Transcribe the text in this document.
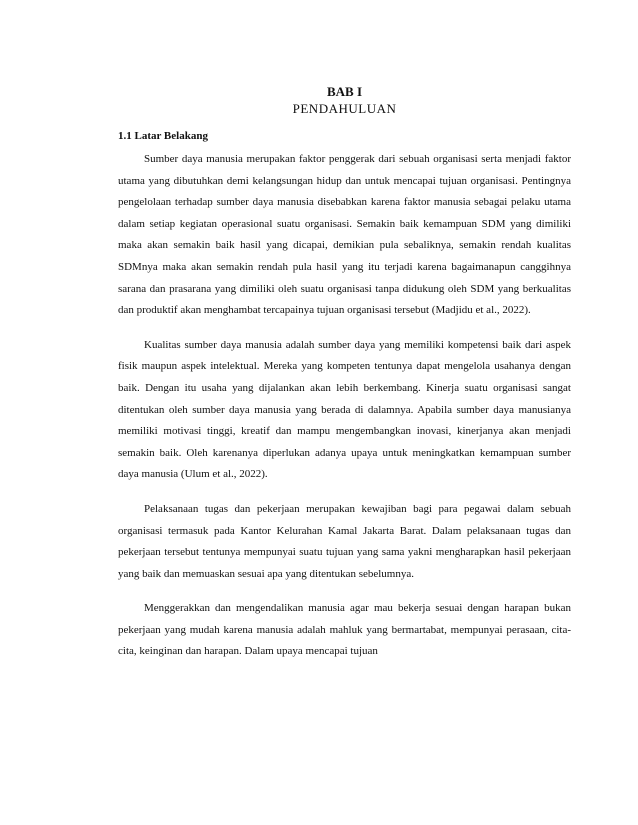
BAB I

PENDAHULUAN

1.1 Latar Belakang

Sumber daya manusia merupakan faktor penggerak dari sebuah organisasi serta menjadi faktor utama yang dibutuhkan demi kelangsungan hidup dan untuk mencapai tujuan organisasi. Pentingnya pengelolaan terhadap sumber daya manusia disebabkan karena faktor manusia sebagai pelaku utama dalam setiap kegiatan operasional suatu organisasi. Semakin baik kemampuan SDM yang dimiliki maka akan semakin baik hasil yang dicapai, demikian pula sebaliknya, semakin rendah kualitas SDMnya maka akan semakin rendah pula hasil yang itu terjadi karena bagaimanapun canggihnya sarana dan prasarana yang dimiliki oleh suatu organisasi tanpa didukung oleh SDM yang berkualitas dan produktif akan menghambat tercapainya tujuan organisasi tersebut (Madjidu et al., 2022).

Kualitas sumber daya manusia adalah sumber daya yang memiliki kompetensi baik dari aspek fisik maupun aspek intelektual. Mereka yang kompeten tentunya dapat mengelola usahanya dengan baik. Dengan itu usaha yang dijalankan akan lebih berkembang. Kinerja suatu organisasi sangat ditentukan oleh sumber daya manusia yang berada di dalamnya. Apabila sumber daya manusianya memiliki motivasi tinggi, kreatif dan mampu mengembangkan inovasi, kinerjanya akan menjadi semakin baik. Oleh karenanya diperlukan adanya upaya untuk meningkatkan kemampuan sumber daya manusia (Ulum et al., 2022).

Pelaksanaan tugas dan pekerjaan merupakan kewajiban bagi para pegawai dalam sebuah organisasi termasuk pada Kantor Kelurahan Kamal Jakarta Barat. Dalam pelaksanaan tugas dan pekerjaan tersebut tentunya mempunyai suatu tujuan yang sama yakni mengharapkan hasil pekerjaan yang baik dan memuaskan sesuai apa yang ditentukan sebelumnya.

Menggerakkan dan mengendalikan manusia agar mau bekerja sesuai dengan harapan bukan pekerjaan yang mudah karena manusia adalah mahluk yang bermartabat, mempunyai perasaan, cita-cita, keinginan dan harapan. Dalam upaya mencapai tujuan
